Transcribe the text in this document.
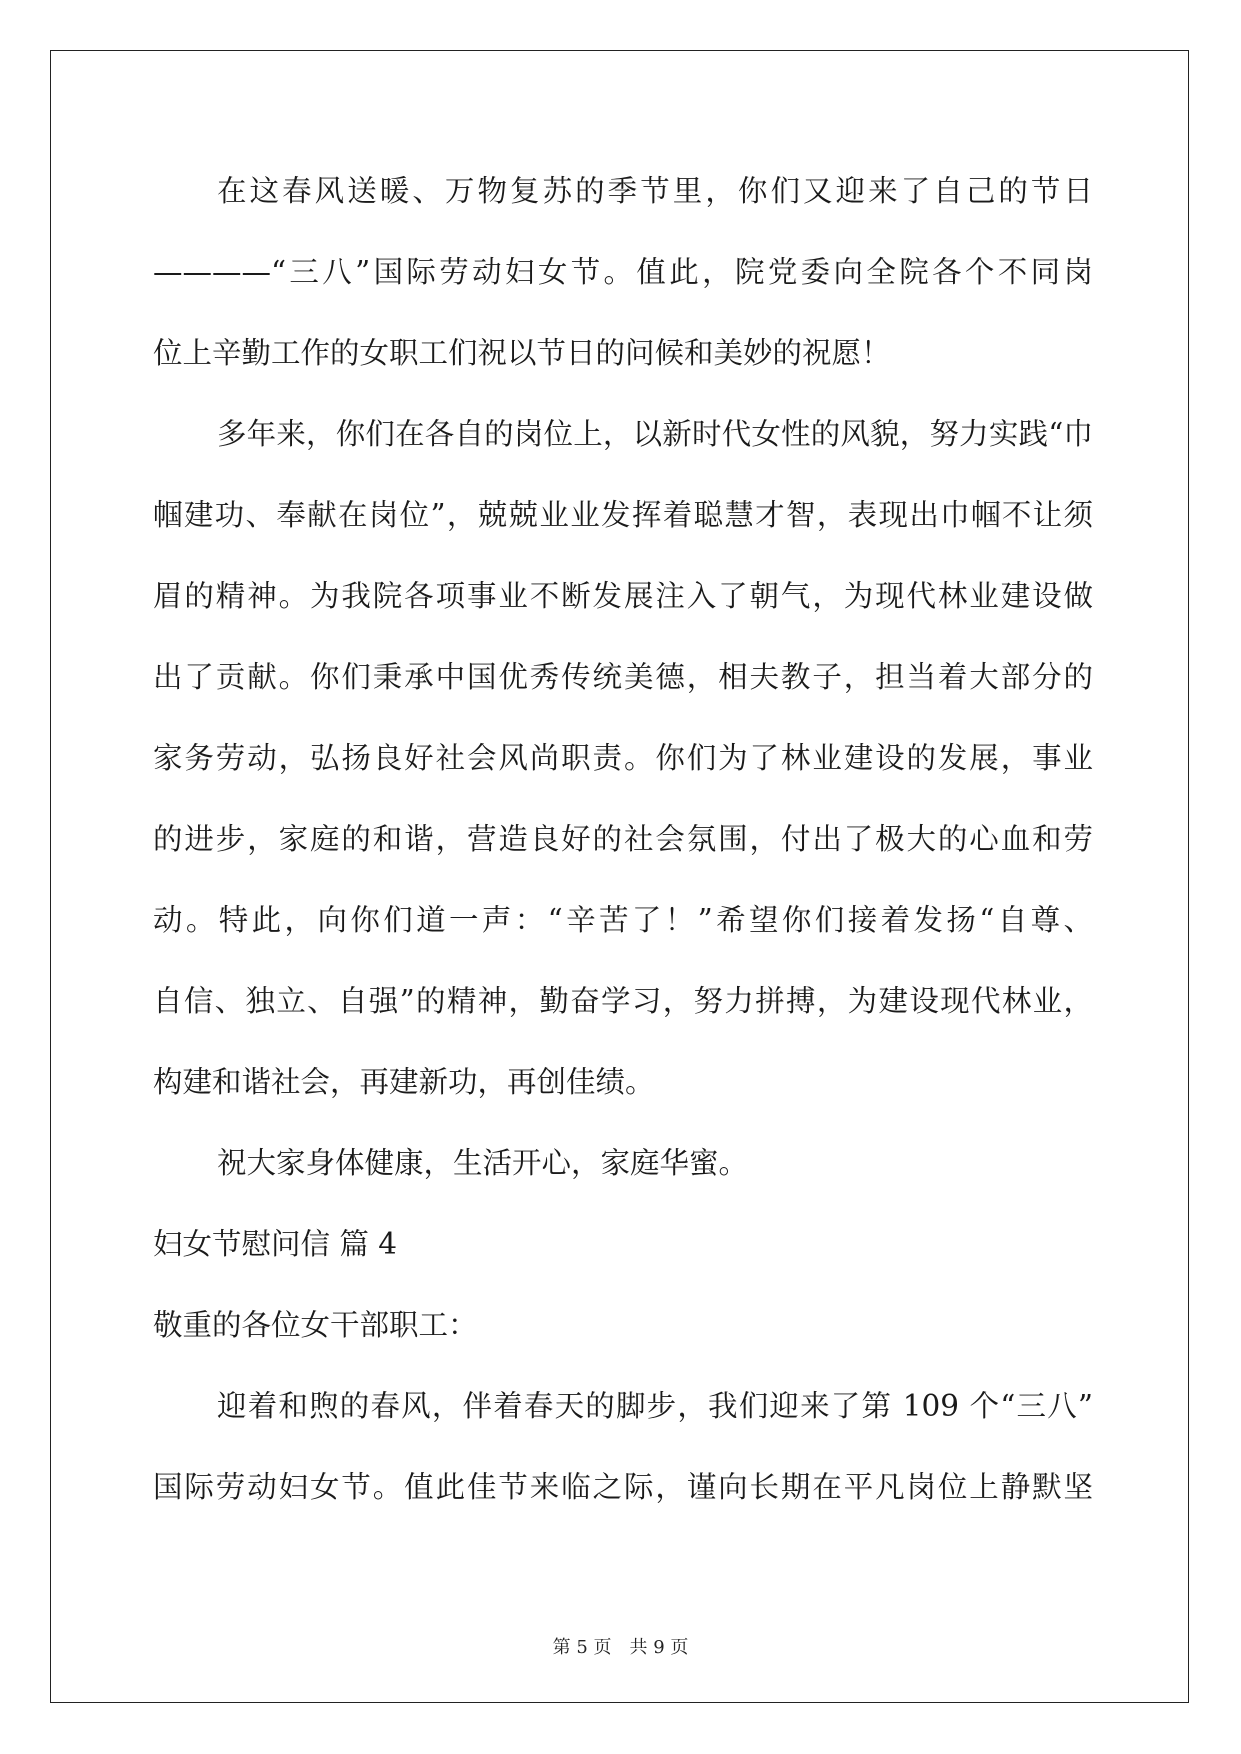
在这春风送暖、万物复苏的季节里，你们又迎来了自己的节日
————“三八”国际劳动妇女节。值此，院党委向全院各个不同岗
位上辛勤工作的女职工们祝以节日的问候和美妙的祝愿！
多年来，你们在各自的岗位上，以新时代女性的风貌，努力实践“巾
帼建功、奉献在岗位”，兢兢业业发挥着聪慧才智，表现出巾帼不让须
眉的精神。为我院各项事业不断发展注入了朝气，为现代林业建设做
出了贡献。你们秉承中国优秀传统美德，相夫教子，担当着大部分的
家务劳动，弘扬良好社会风尚职责。你们为了林业建设的发展，事业
的进步，家庭的和谐，营造良好的社会氛围，付出了极大的心血和劳
动。特此，向你们道一声：“辛苦了！”希望你们接着发扬“自尊、
自信、独立、自强”的精神，勤奋学习，努力拼搏，为建设现代林业，
构建和谐社会，再建新功，再创佳绩。
祝大家身体健康，生活开心，家庭华蜜。
妇女节慰问信 篇 4
敬重的各位女干部职工：
迎着和煦的春风，伴着春天的脚步，我们迎来了第 109 个“三八”
国际劳动妇女节。值此佳节来临之际，谨向长期在平凡岗位上静默坚
第 5 页　共 9 页
